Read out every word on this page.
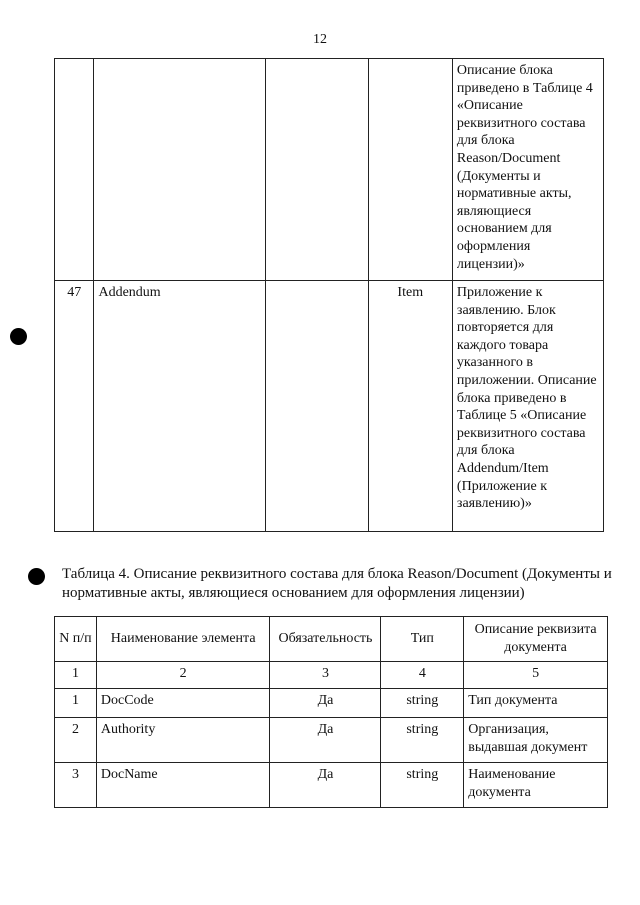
12
				Описание блока приведено в Таблице 4 «Описание реквизитного состава для блока Reason/Document (Документы и нормативные акты, являющиеся основанием для оформления лицензии)»
47	Addendum		Item	Приложение к заявлению. Блок повторяется для каждого товара указанного в приложении. Описание блока приведено в Таблице 5 «Описание реквизитного состава для блока Addendum/Item (Приложение к заявлению)»
Таблица 4. Описание реквизитного состава для блока Reason/Document (Документы и нормативные акты, являющиеся основанием для оформления лицензии)
N п/п	Наименование элемента	Обязательность	Тип	Описание реквизита документа
1	2	3	4	5
1	DocCode	Да	string	Тип документа
2	Authority	Да	string	Организация, выдавшая документ
3	DocName	Да	string	Наименование документа
